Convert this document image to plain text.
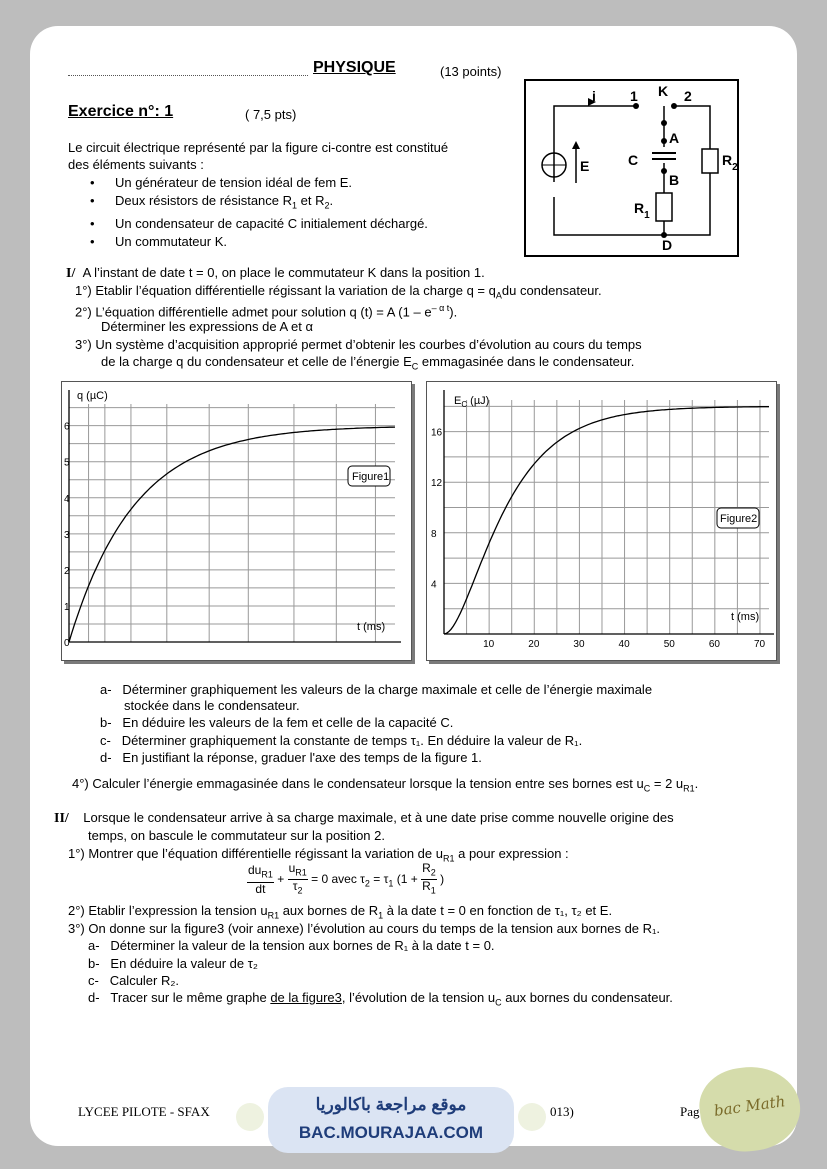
PHYSIQUE	(13 points)
Exercice n°: 1	( 7,5 pts)
Le circuit électrique représenté par la figure ci-contre est constitué
des éléments suivants :
• Un générateur de tension idéal de fem E.
• Deux résistors de résistance $R_1$ et $R_2$.
• Un condensateur de capacité C initialement déchargé.
• Un commutateur K.
i 1 K 2
A
C
B
E	$R_2$
$R_1$
D
I/ A l’instant de date t = 0, on place le commutateur K dans la position 1.
1°) Etablir l’équation différentielle régissant la variation de la charge $q = q_Adu$ condensateur.
2°) L’équation différentielle admet pour solution q (t) = A $(1 - e^{- \alpha t})$.
Déterminer les expressions de A et α
3°) Un système d’acquisition approprié permet d’obtenir les courbes d’évolution au cours du temps
de la charge q du condensateur et celle de l’énergie $E_C$ emmagasinée dans le condensateur.
0
1
2
3
4
5
6
q (µC)
t (ms)
Figure1
4
8
12
16
10	20	30	40	50	60	70
$E_C$ (µJ)
t (ms)
Figure2
a- Déterminer graphiquement les valeurs de la charge maximale et celle de l’énergie maximale
stockée dans le condensateur.
b- En déduire les valeurs de la fem et celle de la capacité C.
c- Déterminer graphiquement la constante de temps τ₁. En déduire la valeur de R₁.
d- En justifiant la réponse, graduer l'axe des temps de la figure 1.
4°) Calculer l’énergie emmagasinée dans le condensateur lorsque la tension entre ses bornes est $u_C = 2$ $u_{R1}$.
II/ Lorsque le condensateur arrive à sa charge maximale, et à une date prise comme nouvelle origine des
temps, on bascule le commutateur sur la position 2.
1°) Montrer que l’équation différentielle régissant la variation de $u_{R1}$ a pour expression :
$\frac{du_{R1}}{dt} + \frac{u_{R1}}{\tau_2} = 0$ avec $\tau_2 = \tau_1$ ($1 + \frac{R_2}{R_1}$ )
2°) Etablir l’expression la tension $u_{R1}$ aux bornes de $R_1$ à la date t = 0 en fonction de τ₁, τ₂ et E.
3°) On donne sur la figure3 (voir annexe) l’évolution au cours du temps de la tension aux bornes de R₁.
a- Déterminer la valeur de la tension aux bornes de R₁ à la date t = 0.
b- En déduire la valeur de τ₂
c- Calculer R₂.
d- Tracer sur le même graphe de la figure3, l’évolution de la tension $u_C$ aux bornes du condensateur.
LYCEE PILOTE - SFAX	013)	Pag
موقع مراجعة باكالوريا
BAC.MOURAJAA.COM
bac Math
